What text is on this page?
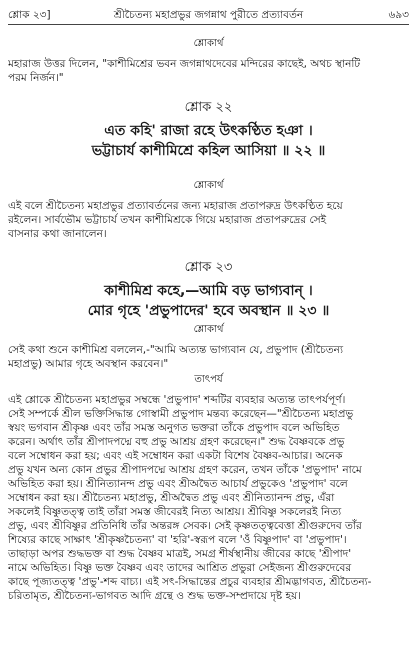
শ্লোক ২৩]	শ্রীচৈতন্য মহাপ্রভুর জগন্নাথ পুরীতে প্রত্যাবর্তন	৬৯৩
শ্লোকার্থ
মহারাজ উত্তর দিলেন, "কাশীমিশ্রের ভবন জগন্নাথদেবের মন্দিরের কাছেই, অথচ স্থানটি
পরম নির্জন।"
শ্লোক ২২
এত কহি' রাজা রহে উৎকণ্ঠিত হঞা ।
ভট্টাচার্য কাশীমিশ্রে কহিল আসিয়া ॥ ২২ ॥
শ্লোকার্থ
এই বলে শ্রীচৈতন্য মহাপ্রভুর প্রত্যাবর্তনের জন্য মহারাজ প্রতাপরুদ্র উৎকণ্ঠিত হয়ে
রইলেন। সার্বভৌম ভট্টাচার্য তখন কাশীমিশ্রকে গিয়ে মহারাজ প্রতাপরুদ্রের সেই
বাসনার কথা জানালেন।
শ্লোক ২৩
কাশীমিশ্র কহে,—আমি বড় ভাগ্যবান্ ।
মোর গৃহে 'প্রভুপাদের' হবে অবস্থান ॥ ২৩ ॥
শ্লোকার্থ
সেই কথা শুনে কাশীমিশ্র বললেন,-"আমি অত্যন্ত ভাগ্যবান যে, প্রভুপাদ (শ্রীচৈতন্য
মহাপ্রভু) আমার গৃহে অবস্থান করবেন।"
তাৎপর্য
এই শ্লোকে শ্রীচৈতন্য মহাপ্রভুর সম্বন্ধে 'প্রভুপাদ' শব্দটির ব্যবহার অত্যন্ত তাৎপর্যপূর্ণ।
সেই সম্পর্কে শ্রীল ভক্তিসিদ্ধান্ত গোস্বামী প্রভুপাদ মন্তব্য করেছেন—"শ্রীচৈতন্য মহাপ্রভু
স্বয়ং ভগবান শ্রীকৃষ্ণ এবং তাঁর সমস্ত অনুগত ভক্তরা তাঁকে প্রভুপাদ বলে অভিহিত
করেন। অর্থাৎ তাঁর শ্রীপাদপদ্মে বহু প্রভু আশ্রয় গ্রহণ করেছেন।" শুদ্ধ বৈষ্ণবকে প্রভু
বলে সম্বোধন করা হয়; এবং এই সম্বোধন করা একটা বিশেষ বৈষ্ণব-আচার। অনেক
প্রভু যখন অন্য কোন প্রভুর শ্রীপাদপদ্মে আশ্রয় গ্রহণ করেন, তখন তাঁকে 'প্রভুপাদ' নামে
অভিহিত করা হয়। শ্রীনিত্যানন্দ প্রভু এবং শ্রীঅদ্বৈত আচার্য প্রভুকেও 'প্রভুপাদ' বলে
সম্বোধন করা হয়। শ্রীচৈতন্য মহাপ্রভু, শ্রীঅদ্বৈত প্রভু এবং শ্রীনিত্যানন্দ প্রভু, এঁরা
সকলেই বিষ্ণুতত্ত্ব তাই তাঁরা সমস্ত জীবেরই নিত্য আশ্রয়। শ্রীবিষ্ণু সকলেরই নিত্য
প্রভু, এবং শ্রীবিষ্ণুর প্রতিনিধি তাঁর অন্তরঙ্গ সেবক। সেই কৃষ্ণতত্ত্ববেত্তা শ্রীগুরুদেব তাঁর
শিষ্যের কাছে সাক্ষাৎ 'শ্রীকৃষ্ণচৈতন্য' বা 'হরি'-স্বরূপ বলে 'ওঁ বিষ্ণুপাদ' বা 'প্রভুপাদ'।
তাছাড়া অপর শুদ্ধভক্ত বা শুদ্ধ বৈষ্ণব মাত্রই, সমগ্র শীর্ষস্থানীয় জীবের কাছে 'শ্রীপাদ'
নামে অভিহিত। বিষ্ণু ভক্ত বৈষ্ণব এবং তাদের আশ্রিত প্রভুরা সেইজন্য শ্রীগুরুদেবের
কাছে পূজ্যতত্ত্ব 'প্রভু'-শব্দ বাচ্য। এই সৎ-সিদ্ধান্তের প্রচুর ব্যবহার শ্রীমদ্ভাগবত, শ্রীচৈতন্য-
চরিতামৃত, শ্রীচৈতন্য-ভাগবত আদি গ্রন্থে ও শুদ্ধ ভক্ত-সম্প্রদায়ে দৃষ্ট হয়।
